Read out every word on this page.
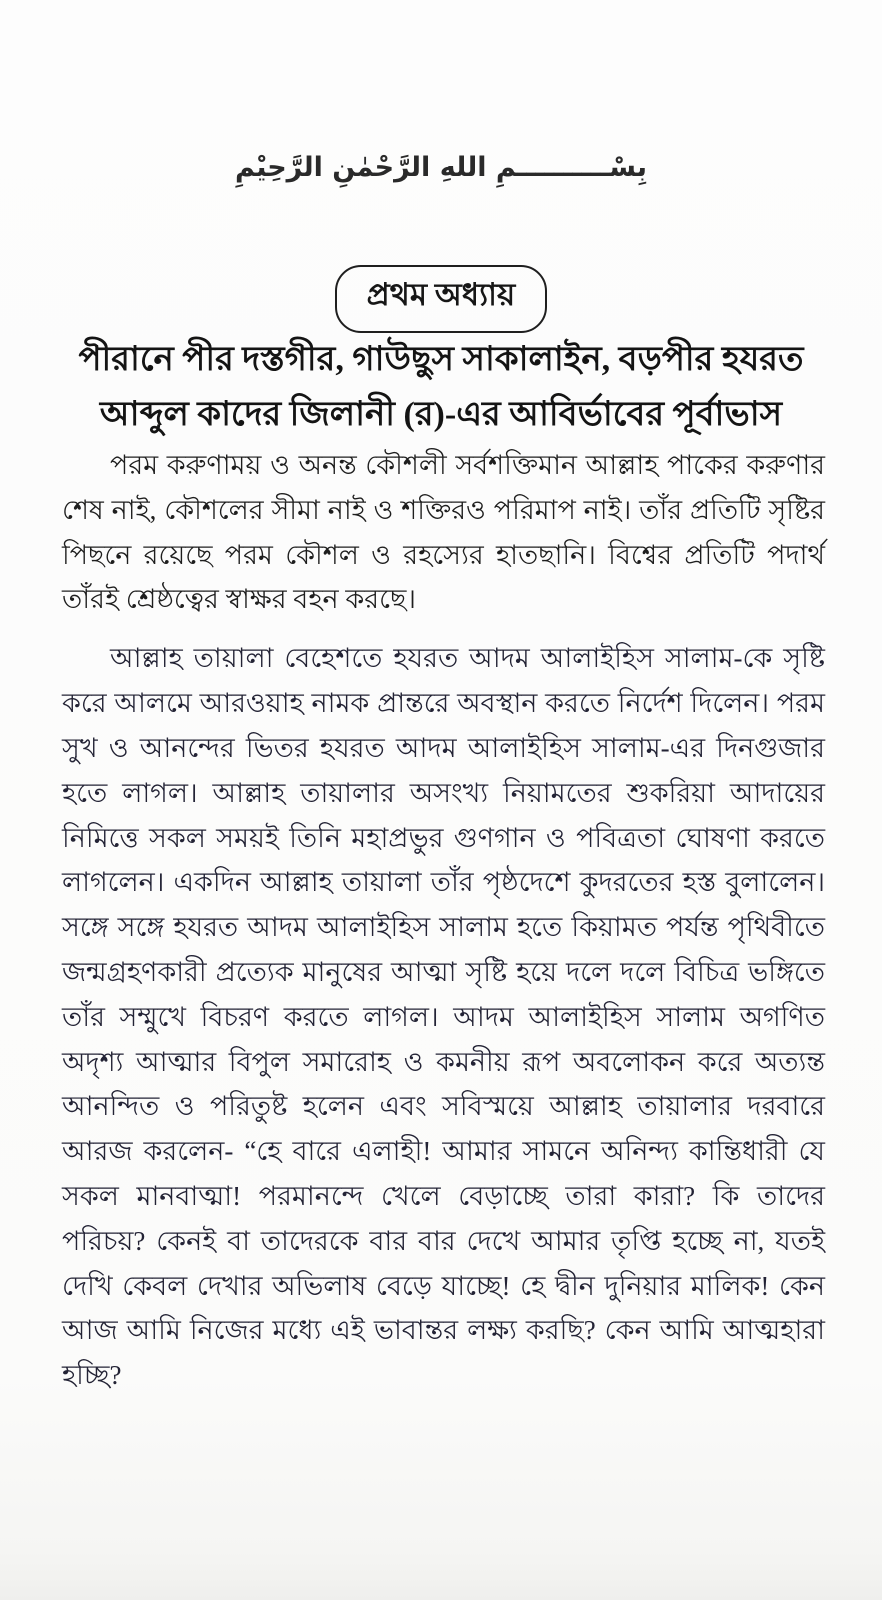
بِسْــــــــــمِ اللهِ الرَّحْمٰنِ الرَّحِيْمِ
প্রথম অধ্যায়
পীরানে পীর দস্তগীর, গাউছুস সাকালাইন, বড়পীর হযরত
আব্দুল কাদের জিলানী (র)-এর আবির্ভাবের পূর্বাভাস

পরম করুণাময় ও অনন্ত কৌশলী সর্বশক্তিমান আল্লাহ পাকের করুণার শেষ নাই, কৌশলের সীমা নাই ও শক্তিরও পরিমাপ নাই। তাঁর প্রতিটি সৃষ্টির পিছনে রয়েছে পরম কৌশল ও রহস্যের হাতছানি। বিশ্বের প্রতিটি পদার্থ তাঁরই শ্রেষ্ঠত্বের স্বাক্ষর বহন করছে।

আল্লাহ তায়ালা বেহেশতে হযরত আদম আলাইহিস সালাম-কে সৃষ্টি করে আলমে আরওয়াহ নামক প্রান্তরে অবস্থান করতে নির্দেশ দিলেন। পরম সুখ ও আনন্দের ভিতর হযরত আদম আলাইহিস সালাম-এর দিনগুজার হতে লাগল। আল্লাহ তায়ালার অসংখ্য নিয়ামতের শুকরিয়া আদায়ের নিমিত্তে সকল সময়ই তিনি মহাপ্রভুর গুণগান ও পবিত্রতা ঘোষণা করতে লাগলেন। একদিন আল্লাহ তায়ালা তাঁর পৃষ্ঠদেশে কুদরতের হস্ত বুলালেন। সঙ্গে সঙ্গে হযরত আদম আলাইহিস সালাম হতে কিয়ামত পর্যন্ত পৃথিবীতে জন্মগ্রহণকারী প্রত্যেক মানুষের আত্মা সৃষ্টি হয়ে দলে দলে বিচিত্র ভঙ্গিতে তাঁর সম্মুখে বিচরণ করতে লাগল। আদম আলাইহিস সালাম অগণিত অদৃশ্য আত্মার বিপুল সমারোহ ও কমনীয় রূপ অবলোকন করে অত্যন্ত আনন্দিত ও পরিতুষ্ট হলেন এবং সবিস্ময়ে আল্লাহ তায়ালার দরবারে আরজ করলেন- “হে বারে এলাহী! আমার সামনে অনিন্দ্য কান্তিধারী যে সকল মানবাত্মা! পরমানন্দে খেলে বেড়াচ্ছে তারা কারা? কি তাদের পরিচয়? কেনই বা তাদেরকে বার বার দেখে আমার তৃপ্তি হচ্ছে না, যতই দেখি কেবল দেখার অভিলাষ বেড়ে যাচ্ছে! হে দ্বীন দুনিয়ার মালিক! কেন আজ আমি নিজের মধ্যে এই ভাবান্তর লক্ষ্য করছি? কেন আমি আত্মহারা হচ্ছি?
